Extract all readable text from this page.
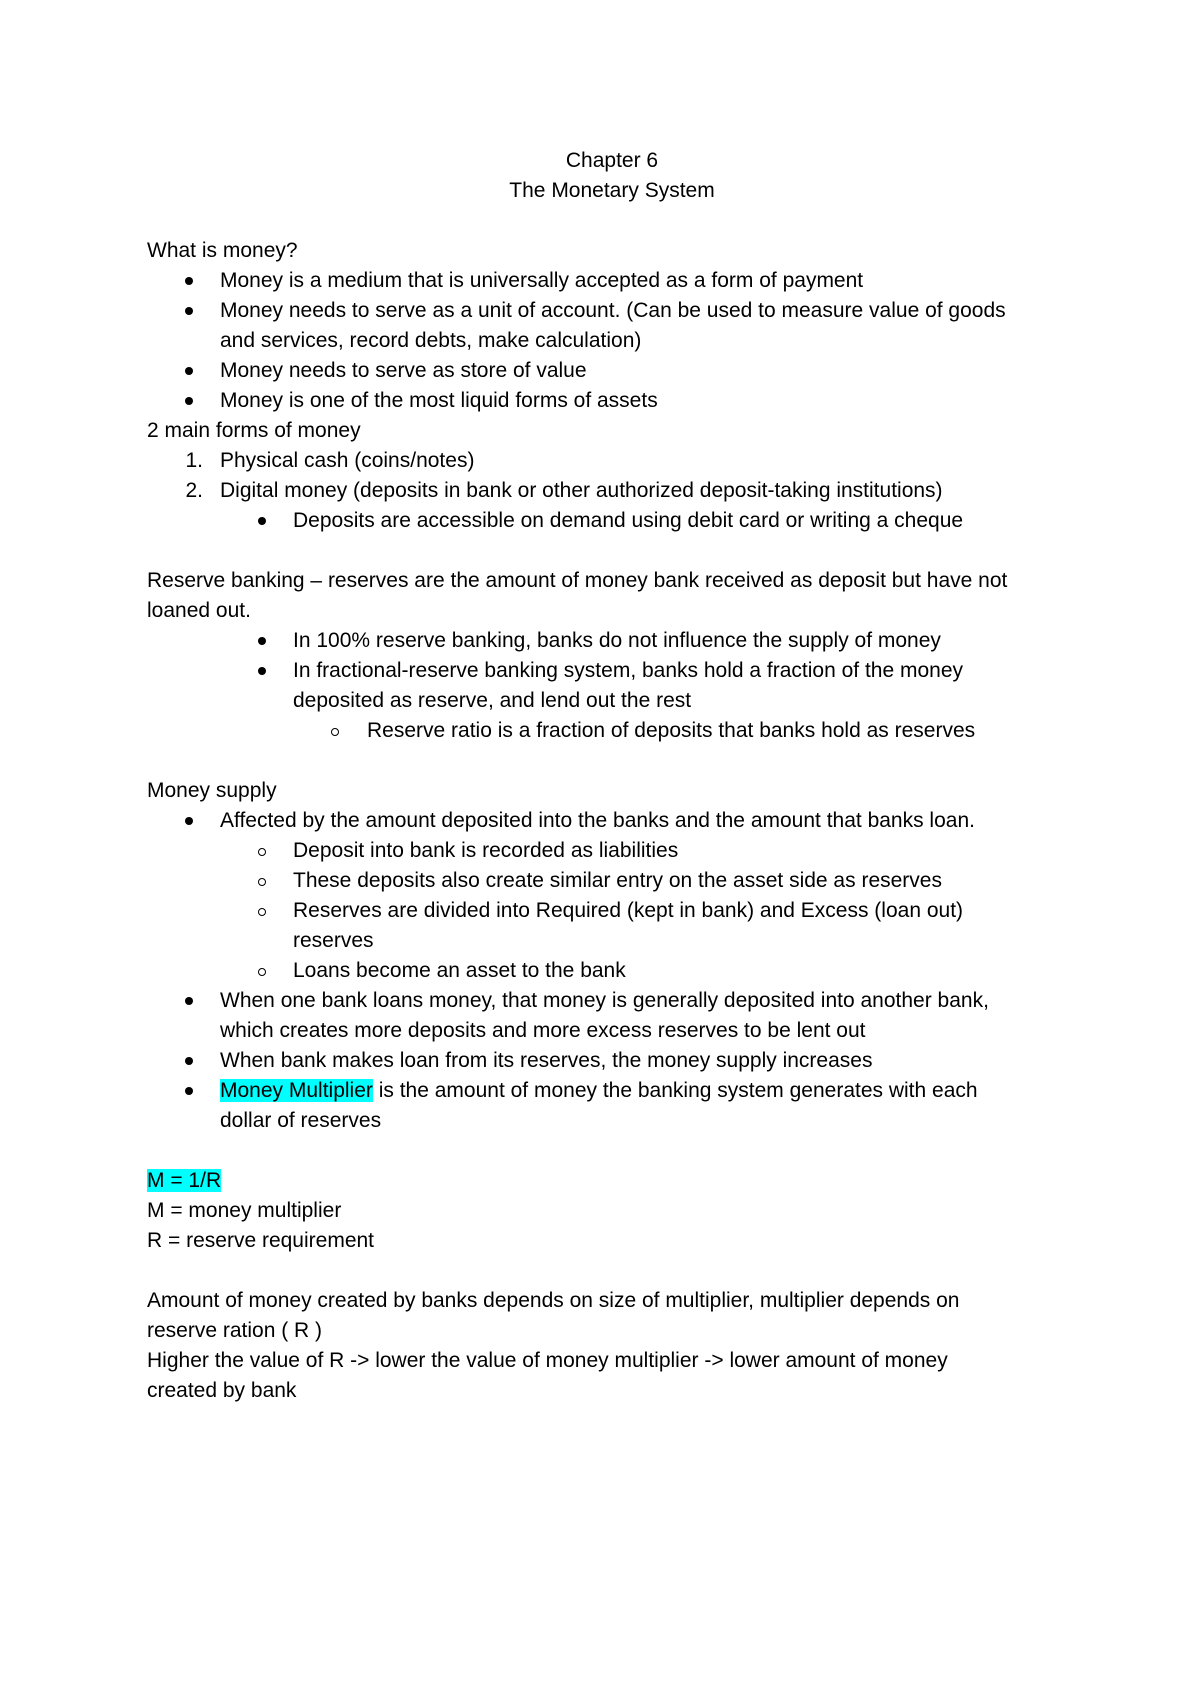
Chapter 6
The Monetary System
What is money?
Money is a medium that is universally accepted as a form of payment
Money needs to serve as a unit of account. (Can be used to measure value of goods
and services, record debts, make calculation)
Money needs to serve as store of value
Money is one of the most liquid forms of assets
2 main forms of money
1. Physical cash (coins/notes)
2. Digital money (deposits in bank or other authorized deposit-taking institutions)
Deposits are accessible on demand using debit card or writing a cheque
Reserve banking – reserves are the amount of money bank received as deposit but have not
loaned out.
In 100% reserve banking, banks do not influence the supply of money
In fractional-reserve banking system, banks hold a fraction of the money
deposited as reserve, and lend out the rest
Reserve ratio is a fraction of deposits that banks hold as reserves
Money supply
Affected by the amount deposited into the banks and the amount that banks loan.
Deposit into bank is recorded as liabilities
These deposits also create similar entry on the asset side as reserves
Reserves are divided into Required (kept in bank) and Excess (loan out)
reserves
Loans become an asset to the bank
When one bank loans money, that money is generally deposited into another bank,
which creates more deposits and more excess reserves to be lent out
When bank makes loan from its reserves, the money supply increases
Money Multiplier is the amount of money the banking system generates with each
dollar of reserves
M = 1/R
M = money multiplier
R = reserve requirement
Amount of money created by banks depends on size of multiplier, multiplier depends on
reserve ration ( R )
Higher the value of R -> lower the value of money multiplier -> lower amount of money
created by bank
